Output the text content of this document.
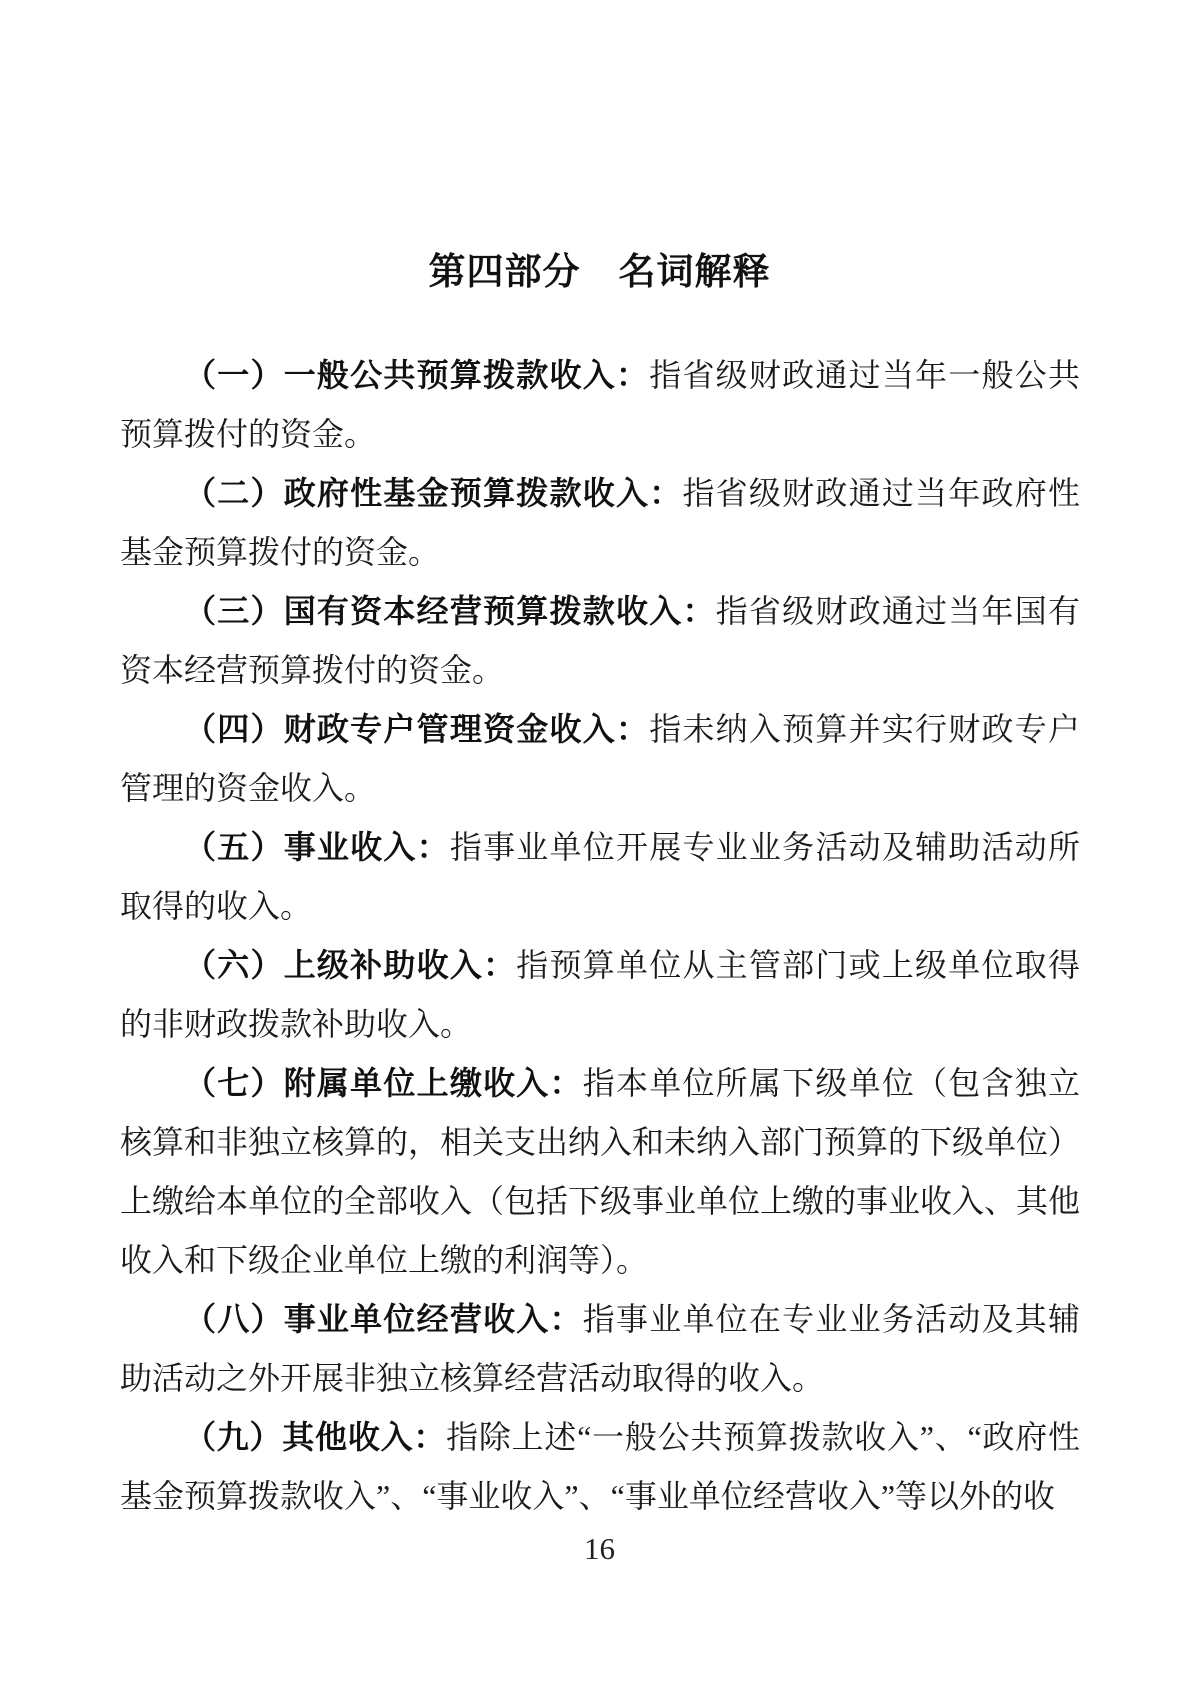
第四部分　名词解释

（一）一般公共预算拨款收入：指省级财政通过当年一般公共预算拨付的资金。

（二）政府性基金预算拨款收入：指省级财政通过当年政府性基金预算拨付的资金。

（三）国有资本经营预算拨款收入：指省级财政通过当年国有资本经营预算拨付的资金。

（四）财政专户管理资金收入：指未纳入预算并实行财政专户管理的资金收入。

（五）事业收入：指事业单位开展专业业务活动及辅助活动所取得的收入。

（六）上级补助收入：指预算单位从主管部门或上级单位取得的非财政拨款补助收入。

（七）附属单位上缴收入：指本单位所属下级单位（包含独立核算和非独立核算的，相关支出纳入和未纳入部门预算的下级单位）上缴给本单位的全部收入（包括下级事业单位上缴的事业收入、其他收入和下级企业单位上缴的利润等）。

（八）事业单位经营收入：指事业单位在专业业务活动及其辅助活动之外开展非独立核算经营活动取得的收入。

（九）其他收入：指除上述“一般公共预算拨款收入”、“政府性基金预算拨款收入”、“事业收入”、“事业单位经营收入”等以外的收

16
